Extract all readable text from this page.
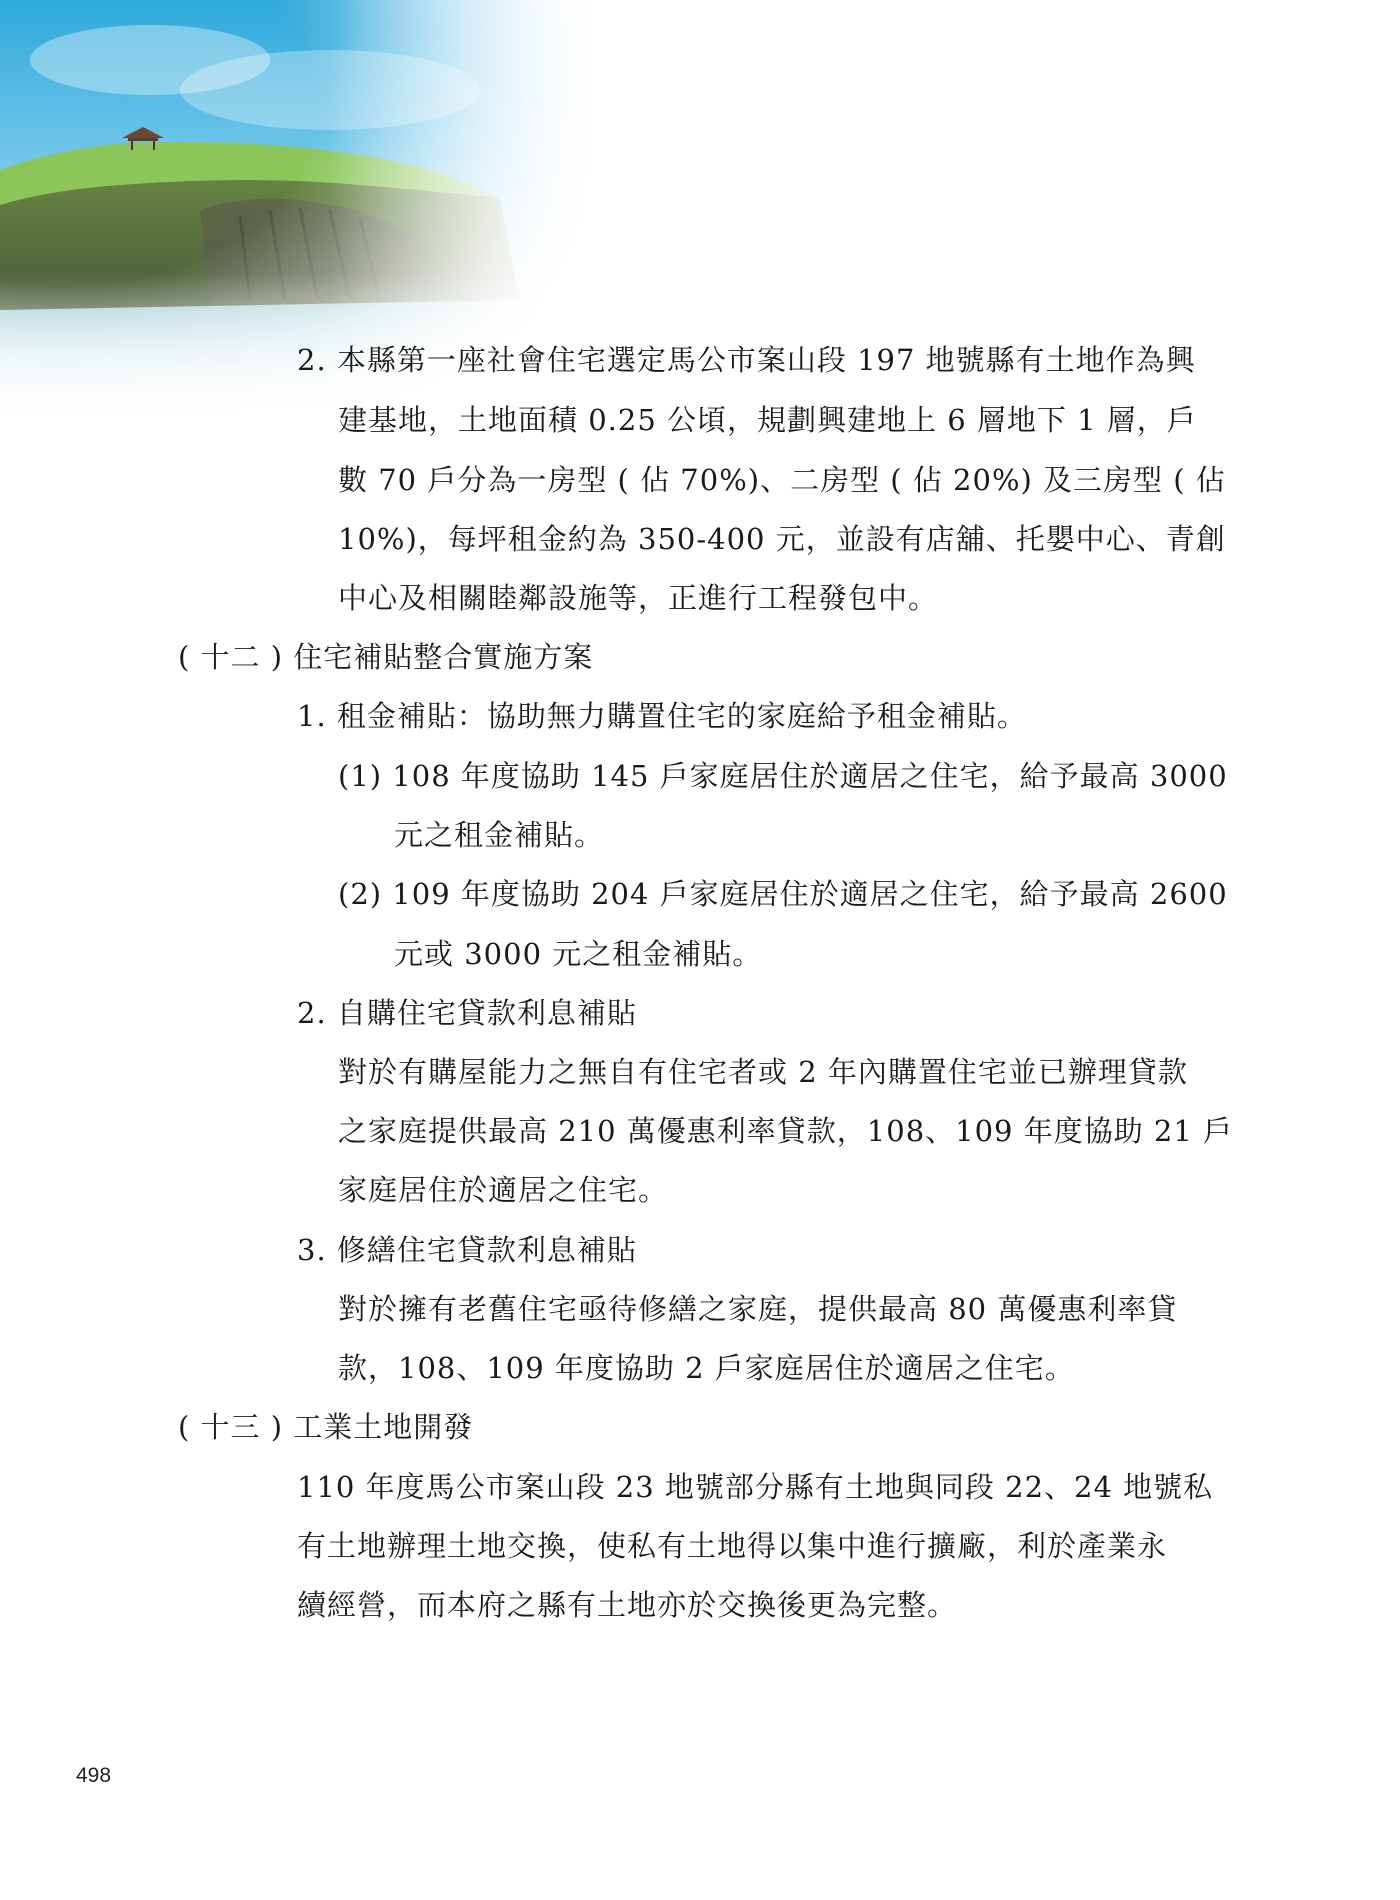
2. 本縣第一座社會住宅選定馬公市案山段 197 地號縣有土地作為興
建基地，土地面積 0.25 公頃，規劃興建地上 6 層地下 1 層，戶
數 70 戶分為一房型 ( 佔 70%)、二房型 ( 佔 20%) 及三房型 ( 佔
10%)，每坪租金約為 350-400 元，並設有店舖、托嬰中心、青創
中心及相關睦鄰設施等，正進行工程發包中。
( 十二 ) 住宅補貼整合實施方案
1. 租金補貼：協助無力購置住宅的家庭給予租金補貼。
(1) 108 年度協助 145 戶家庭居住於適居之住宅，給予最高 3000
元之租金補貼。
(2) 109 年度協助 204 戶家庭居住於適居之住宅，給予最高 2600
元或 3000 元之租金補貼。
2. 自購住宅貸款利息補貼
對於有購屋能力之無自有住宅者或 2 年內購置住宅並已辦理貸款
之家庭提供最高 210 萬優惠利率貸款，108、109 年度協助 21 戶
家庭居住於適居之住宅。
3. 修繕住宅貸款利息補貼
對於擁有老舊住宅亟待修繕之家庭，提供最高 80 萬優惠利率貸
款，108、109 年度協助 2 戶家庭居住於適居之住宅。
( 十三 ) 工業土地開發
110 年度馬公市案山段 23 地號部分縣有土地與同段 22、24 地號私
有土地辦理土地交換，使私有土地得以集中進行擴廠，利於產業永
續經營，而本府之縣有土地亦於交換後更為完整。
498
